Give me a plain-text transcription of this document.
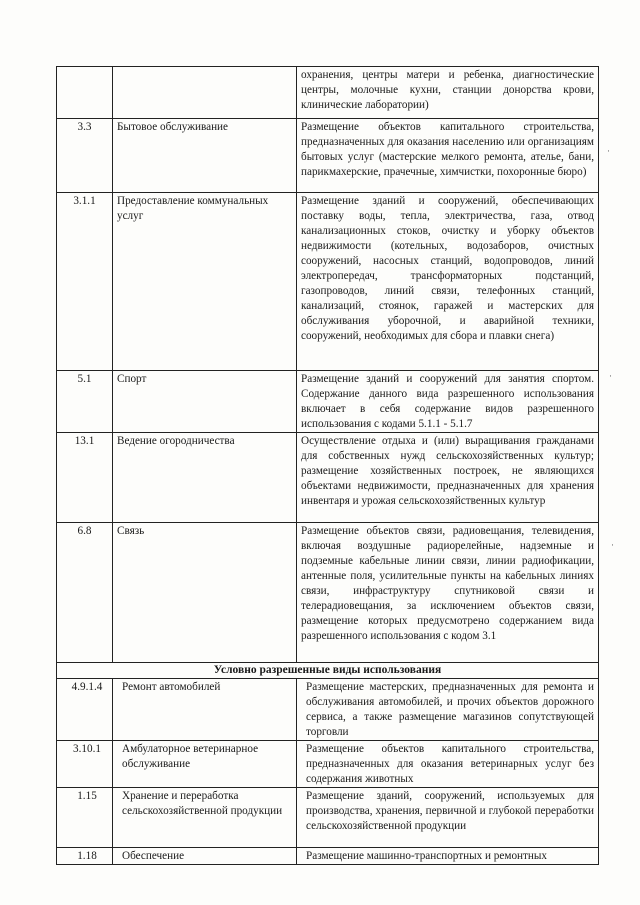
		охранения, центры матери и ребенка, диагностические центры, молочные кухни, станции донорства крови, клинические лаборатории)
3.3	Бытовое обслуживание	Размещение объектов капитального строительства, предназначенных для оказания населению или организациям бытовых услуг (мастерские мелкого ремонта, ателье, бани, парикмахерские, прачечные, химчистки, похоронные бюро)
3.1.1	Предоставление коммунальных услуг	Размещение зданий и сооружений, обеспечивающих поставку воды, тепла, электричества, газа, отвод канализационных стоков, очистку и уборку объектов недвижимости (котельных, водозаборов, очистных сооружений, насосных станций, водопроводов, линий электропередач, трансформаторных подстанций, газопроводов, линий связи, телефонных станций, канализаций, стоянок, гаражей и мастерских для обслуживания уборочной, и аварийной техники, сооружений, необходимых для сбора и плавки снега)
5.1	Спорт	Размещение зданий и сооружений для занятия спортом. Содержание данного вида разрешенного использования включает в себя содержание видов разрешенного использования с кодами 5.1.1 - 5.1.7
13.1	Ведение огородничества	Осуществление отдыха и (или) выращивания гражданами для собственных нужд сельскохозяйственных культур; размещение хозяйственных построек, не являющихся объектами недвижимости, предназначенных для хранения инвентаря и урожая сельскохозяйственных культур
6.8	Связь	Размещение объектов связи, радиовещания, телевидения, включая воздушные радиорелейные, надземные и подземные кабельные линии связи, линии радиофикации, антенные поля, усилительные пункты на кабельных линиях связи, инфраструктуру спутниковой связи и телерадиовещания, за исключением объектов связи, размещение которых предусмотрено содержанием вида разрешенного использования с кодом 3.1
Условно разрешенные виды использования		
4.9.1.4	Ремонт автомобилей	Размещение мастерских, предназначенных для ремонта и обслуживания автомобилей, и прочих объектов дорожного сервиса, а также размещение магазинов сопутствующей торговли
3.10.1	Амбулаторное ветеринарное обслуживание	Размещение объектов капитального строительства, предназначенных для оказания ветеринарных услуг без содержания животных
1.15	Хранение и переработка сельскохозяйственной продукции	Размещение зданий, сооружений, используемых для производства, хранения, первичной и глубокой переработки сельскохозяйственной продукции
1.18	Обеспечение	Размещение машинно-транспортных и ремонтных
·
·
·
